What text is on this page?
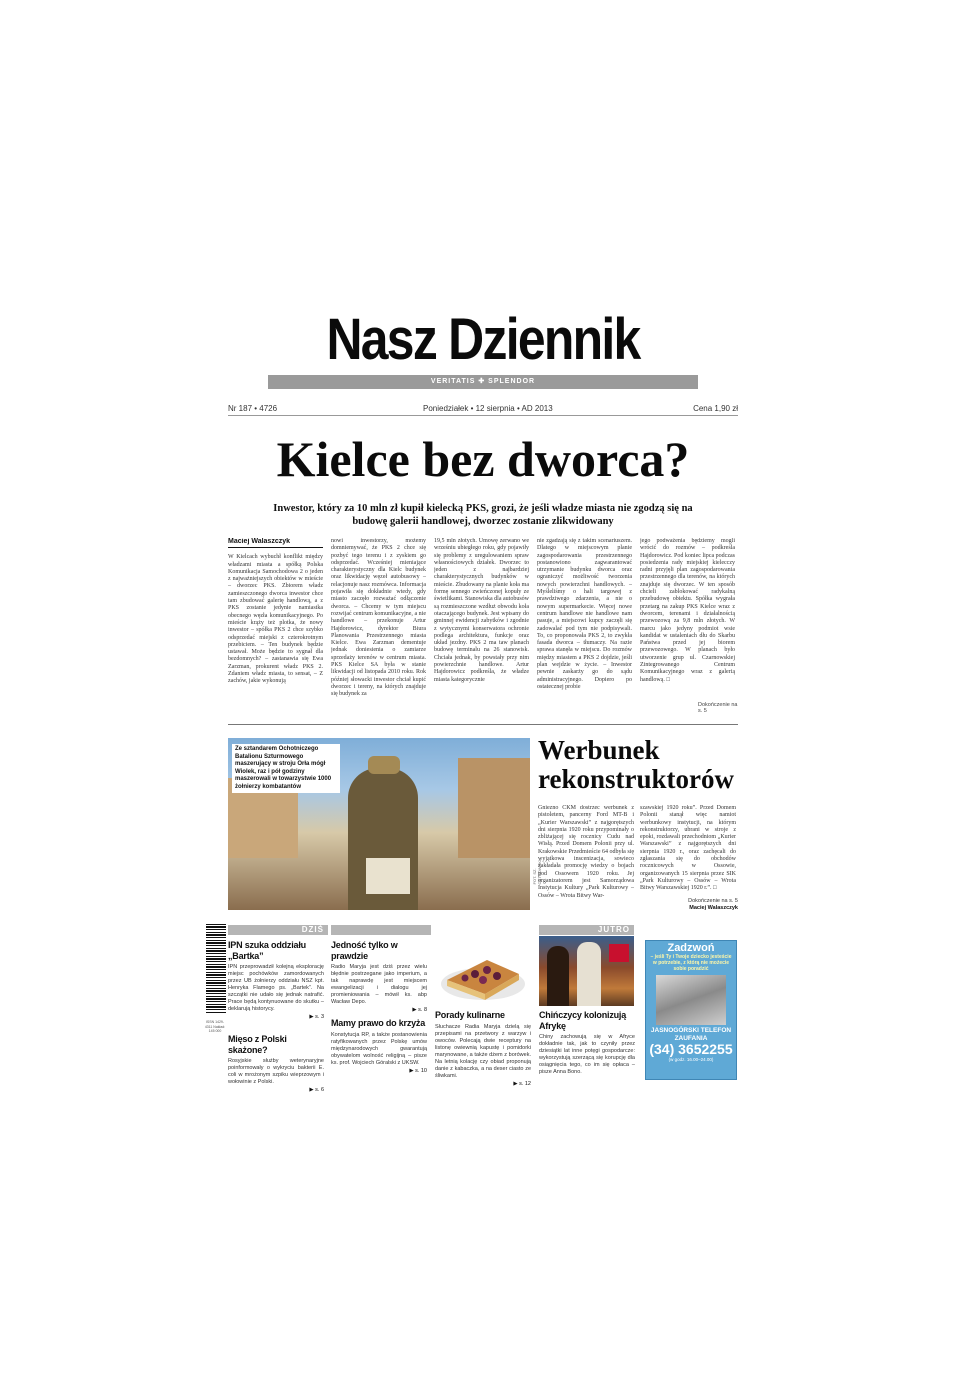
Nasz Dziennik
VERITATIS ✚ SPLENDOR
Nr 187 • 4726	Poniedziałek • 12 sierpnia • AD 2013	Cena 1,90 zł
Kielce bez dworca?
Inwestor, który za 10 mln zł kupił kielecką PKS, grozi, że jeśli władze miasta nie zgodzą się na budowę galerii handlowej, dworzec zostanie zlikwidowany
Maciej Walaszczyk
W Kielcach wybuchł konflikt między władzami miasta a spółką Polska Komunikacja Samochodowa 2 o jeden z najważniejszych obiektów w mieście – dworzec PKS. Zbiorem władz zamieszczonego dworca inwestor chce tam zbudować galerię handlową, a z PKS zostanie jedynie namiastka obecnego węzła komunikacyjnego. Po mieście krąży też plotka, że nowy inwestor – spółka PKS 2 chce szybko odsprzedać miejski z czterokrotnym przebiciem. – Ten budynek będzie ustawał. Może będzie to sygnał dla bezdomnych? – zastanawia się Ewa Zarzman, prokurent władz PKS 2. Zdaniem władz miasta, to sensat, – Z zachów, jakie wykonują
nowi inwestorzy, możemy domniemywać, że PKS 2 chce się pozbyć tego terenu i z zyskiem go odsprzedać. Wcześniej mieniające charakterystyczny dla Kielc budynek oraz likwidację węzeł autobusowy – relacjonuje nasz rozmówca. Informacja pojawiła się dokładnie wtedy, gdy miasto zaczęło rozważać odłączenie dworca. – Chcemy w tym miejscu rozwijać centrum komunikacyjne, a nie handlowe – przekonuje Artur Hajdorowicz, dyrektor Biura Planowania Przestrzennego miasta Kielce. Ewa Zarzman dementuje jednak doniesienia o zamiarze sprzedaży terenów w centrum miasta. PKS Kielce SA była w stanie likwidacji od listopada 2010 roku. Rok później słowacki inwestor chciał kupić dworzec i tereny, na których znajduje się budynek za
19,5 mln złotych. Umowę zerwano we wrześniu ubiegłego roku, gdy pojawiły się problemy z uregulowaniem spraw własnościowych działek. Dworzec to jeden z najbardziej charakterystycznych budynków w mieście. Zbudowany na planie koła ma formę sennego zwieńczonej kopuły ze świetlikami. Stanowiska dla autobusów są rozmieszczone wzdłuż obwodu koła otaczającego budynek. Jest wpisany do gminnej ewidencji zabytków i zgodnie z wytycznymi konserwatora ochronie podlega architektura, funkcje oraz układ jezdny. PKS 2 ma taw planach budowę terminalu na 26 stanowisk. Chciała jednak, by powstały przy nim powierzchnie handlowe. Artur Hajdorowicz podkreśla, że władze miasta kategorycznie
nie zgadzają się z takim scenariuszem. Dlatego w miejscowym planie zagospodarowania przestrzennego postanowiono zagwarantować utrzymanie budynku dworca oraz ograniczyć możliwość tworzenia nowych powierzchni handlowych. – Myśleliśmy o hali targowej z prawdziwego zdarzenia, a nie o nowym supermarkecie. Więcej nowe centrum handlowe nie handlowe nam pasuje, a miejscowi kupcy zaczęli się zadowalać pod tym nie podpisywali. To, co proponowała PKS 2, to zwykła fasada dworca – tłumaczy. Na razie sprawa stanęła w miejscu. Do rozmów między miastem a PKS 2 dojdzie, jeśli plan wejdzie w życie. – Inwestor pewnie zaskarży go do sądu administracyjnego. Dopiero po ostatecznej probie
jego podważenia będziemy mogli wrócić do rozmów – podkreśla Hajdorowicz. Pod koniec lipca podczas posiedzenia rady miejskiej kielecczy radni przyjęli plan zagospodarowania przestrzennego dla terenów, na których znajduje się dworzec. W ten sposób chcieli zablokować radykalną przebudowę obiektu. Spółka wygrała przetarg na zakup PKS Kielce wraz z dworcem, terenami i działalnością przewozową za 9,8 mln złotych. W marcu jako jedyny podmiot wsie kandidat w ustaleniach dłu do Skarbu Państwa przed jej biorem przewozowego. W planach było utworzenie grup ul. Czarnowskiej Zintegrowanego Centrum Komunikacyjnego wraz z galerią handlową. □
Dokończenie na s. 5
Ze sztandarem Ochotniczego Batalionu Szturmowego maszerujący w stroju Orła mógł Wiolek, raz i pół godziny maszerowali w towarzystwie 1000 żołnierzy kombatantów
FOT. SZ. OSTROWSKI
Werbunek rekonstruktorów
Gniezno CKM dostrzec werbunek z pistoletem, pancerny Ford MT-B i „Kurier Warszawski” z najgorętszych dni sierpnia 1920 roku przypominały o zbliżającej się rocznicy Cudu nad Wisłą. Przed Domem Polonii przy ul. Krakowskie Przedmieście 64 odbyła się wyjątkowa inscenizacja, sowieco zakładała promocję wiedzy o bojach pod Ossowem 1920 roku. Jej organizatorem jest Samorządowa Instytucja Kultury „Park Kulturowy – Ossów – Wrota Bitwy War-
szawskiej 1920 roku”. Przed Domem Polonii stanął więc namiot werbunkowy instytucji, na którym rekonstruktorzy, ubrani w stroje z epoki, rozdawali przechodniom „Kurier Warszawski” z najgorętszych dni sierpnia 1920 r., oraz zachęcali do zgłaszania się do obchodów rocznicowych w Ossowie, organizowanych 15 sierpnia przez SIK „Park Kulturowy – Ossów – Wrota Bitwy Warszawskiej 1920 r.”. □
Dokończenie na s. 5
Maciej Walaszczyk
ISSN 1429-4311 Nakład: 145 000
DZIŚ	JUTRO
IPN szuka oddziału „Bartka”
IPN przeprowadził kolejną eksplorację miejsc pochówków zamordowanych przez UB żołnierzy oddziału NSZ kpt. Henryka Flamego ps. „Bartek”. Na szczątki nie udało się jednak natrafić. Prace będą kontynuowane do skutku – deklarują historycy.
▶ s. 3
Mięso z Polski skażone?
Rosyjskie służby weterynaryjne poinformowały o wykryciu bakterii E. coli w mrożonym szpiku wieprzowym i wołowinie z Polski.
▶ s. 6
Jedność tylko w prawdzie
Radio Maryja jest dziś przez wielu błędnie postrzegane jako imperium, a tak naprawdę jest miejscem ewangelizacji i dialogu jej promieniowania – mówił ks. abp Wacław Depo.
▶ s. 8
Mamy prawo do krzyża
Konstytucja RP, a także postanowienia ratyfikowanych przez Polskę umów międzynarodowych gwarantują obywatelom wolność religijną – pisze ks. prof. Wojciech Góralski z UKSW.
▶ s. 10
Porady kulinarne
Słuchacze Radia Maryja dzielą się przepisami na przetwory z warzyw i owoców. Polecają dwie receptury na listonę owiewnią kapustę i pomidorki marynowane, a także dżem z borówek. Na letnią kolację czy obiad proponują danie z kabaczka, a na deser ciasto ze śliwkami.
▶ s. 12
Chińczycy kolonizują Afrykę
Chiny zachowują się w Afryce dokładnie tak, jak to czyniły przez dziesiątki lat inne potęgi gospodarcze: wykorzystują szerzącą się korupcję dla osiągnięcia tego, co im się opłaca – pisze Anna Bono.
Zadzwoń
– jeśli Ty i Twoje dziecko jesteście w potrzebie, z którą nie możecie sobie poradzić
JASNOGÓRSKI TELEFON ZAUFANIA
(34) 3652255
(w godz. 16.00–24.00)
